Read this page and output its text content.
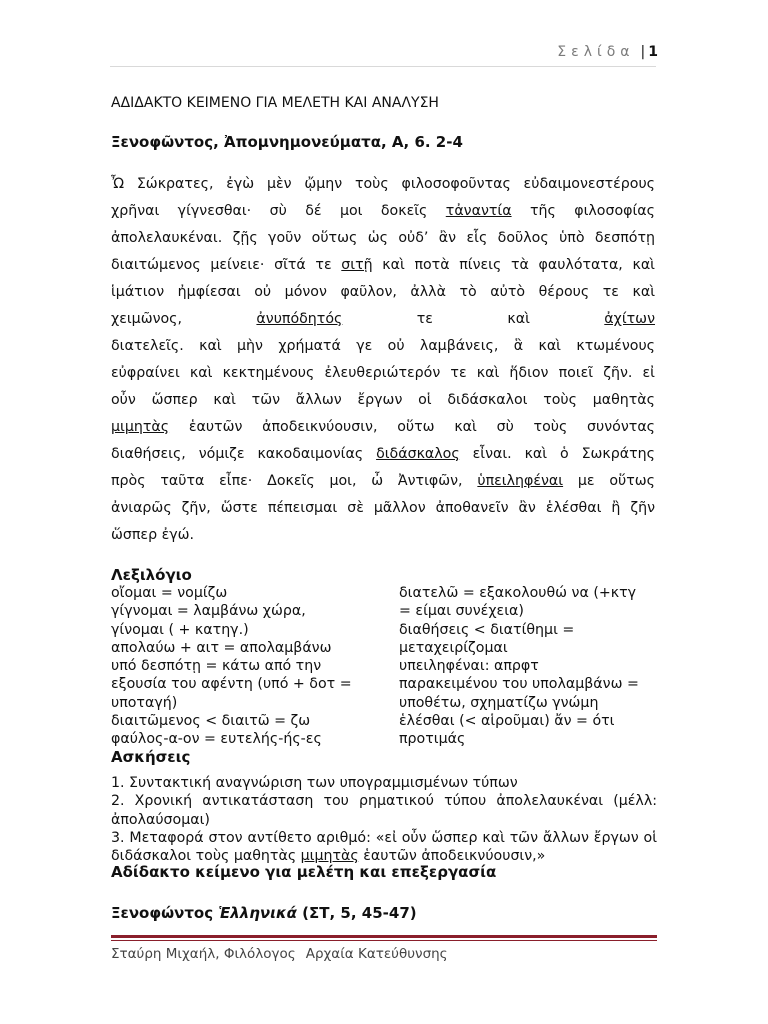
Σελίδα | 1
ΑΔΙΔΑΚΤΟ ΚΕΙΜΕΝΟ ΓΙΑ ΜΕΛΕΤΗ ΚΑΙ ΑΝΑΛΥΣΗ
Ξενοφῶντος, Ἀπομνημονεύματα, Α, 6. 2-4
Ὦ Σώκρατες, ἐγὼ μὲν ᾤμην τοὺς φιλοσοφοῦντας εὐδαιμονεστέρους
χρῆναι γίγνεσθαι· σὺ δέ μοι δοκεῖς τἀναντία τῆς φιλοσοφίας
ἀπολελαυκέναι. ζῇς γοῦν οὕτως ὡς οὐδ’ ἂν εἷς δοῦλος ὑπὸ δεσπότῃ
διαιτώμενος μείνειε· σῖτά τε σιτῇ καὶ ποτὰ πίνεις τὰ φαυλότατα, καὶ
ἱμάτιον ἠμφίεσαι οὐ μόνον φαῦλον, ἀλλὰ τὸ αὐτὸ θέρους τε καὶ
χειμῶνος, ἀνυπόδητός τε καὶ ἀχίτων
διατελεῖς. καὶ μὴν χρήματά γε οὐ λαμβάνεις, ἃ καὶ κτωμένους
εὐφραίνει καὶ κεκτημένους ἐλευθεριώτερόν τε καὶ ἥδιον ποιεῖ ζῆν. εἰ
οὖν ὥσπερ καὶ τῶν ἄλλων ἔργων οἱ διδάσκαλοι τοὺς μαθητὰς
μιμητὰς ἑαυτῶν ἀποδεικνύουσιν, οὕτω καὶ σὺ τοὺς συνόντας
διαθήσεις, νόμιζε κακοδαιμονίας διδάσκαλος εἶναι. καὶ ὁ Σωκράτης
πρὸς ταῦτα εἶπε· Δοκεῖς μοι, ὦ Ἀντιφῶν, ὑπειληφέναι με οὕτως
ἀνιαρῶς ζῆν, ὥστε πέπεισμαι σὲ μᾶλλον ἀποθανεῖν ἂν ἑλέσθαι ἢ ζῆν
ὥσπερ ἐγώ.
Λεξιλόγιο
οἴομαι = νομίζω
γίγνομαι = λαμβάνω χώρα,
γίνομαι ( + κατηγ.)
απολαύω + αιτ = απολαμβάνω
υπό δεσπότῃ = κάτω από την
εξουσία του αφέντη (υπό + δοτ =
υποταγή)
διαιτῶμενος < διαιτῶ = ζω
φαύλος-α-ον = ευτελής-ής-ες
διατελῶ = εξακολουθώ να (+κτγ
= είμαι συνέχεια)
διαθήσεις < διατίθημι =
μεταχειρίζομαι
υπειληφέναι: απρφτ
παρακειμένου του υπολαμβάνω =
υποθέτω, σχηματίζω γνώμη
ἑλέσθαι (< αἱροῦμαι) ἄν = ότι
προτιμάς
Ασκήσεις
1. Συντακτική αναγνώριση των υπογραμμισμένων τύπων
2. Χρονική αντικατάσταση του ρηματικού τύπου ἀπολελαυκέναι (μέλλ: ἀπολαύσομαι)
3. Μεταφορά στον αντίθετο αριθμό: «εἰ οὖν ὥσπερ καὶ τῶν ἄλλων ἔργων οἱ διδάσκαλοι τοὺς μαθητὰς μιμητὰς ἑαυτῶν ἀποδεικνύουσιν,»
Αδίδακτο κείμενο για μελέτη και επεξεργασία
Ξενοφώντος Ἑλληνικά (ΣΤ, 5, 45-47)
Σταύρη Μιχαήλ, Φιλόλογος Αρχαία Κατεύθυνσης
